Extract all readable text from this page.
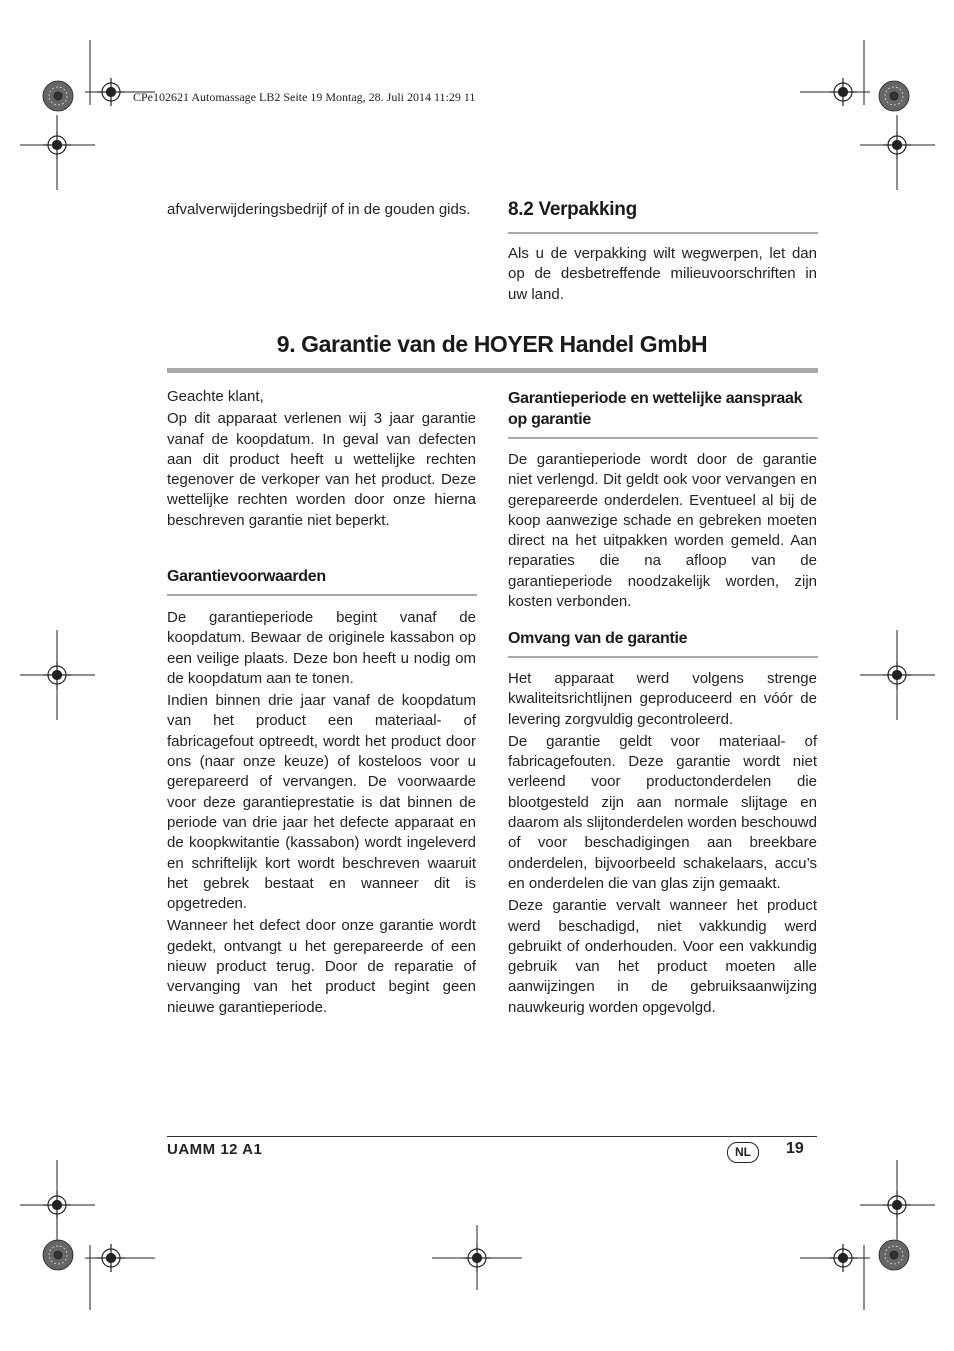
CPe102621 Automassage LB2 Seite 19 Montag, 28. Juli 2014 11:29 11

afvalverwijderingsbedrijf of in de gouden gids. 8.2 Verpakking

Als u de verpakking wilt wegwerpen, let dan op de desbetreffende milieuvoorschriften in uw land.

9. Garantie van de HOYER Handel GmbH

Geachte klant,

Op dit apparaat verlenen wij 3 jaar garantie vanaf de koopdatum. In geval van defecten aan dit product heeft u wettelijke rechten tegenover de verkoper van het product. Deze wettelijke rechten worden door onze hierna beschreven garantie niet beperkt.

Garantievoorwaarden

De garantieperiode begint vanaf de koopdatum. Bewaar de originele kassabon op een veilige plaats. Deze bon heeft u nodig om de koopdatum aan te tonen.

Indien binnen drie jaar vanaf de koopdatum van het product een materiaal- of fabricagefout optreedt, wordt het product door ons (naar onze keuze) of kosteloos voor u gerepareerd of vervangen. De voorwaarde voor deze garantieprestatie is dat binnen de periode van drie jaar het defecte apparaat en de koopkwitantie (kassabon) wordt ingeleverd en schriftelijk kort wordt beschreven waaruit het gebrek bestaat en wanneer dit is opgetreden.

Wanneer het defect door onze garantie wordt gedekt, ontvangt u het gerepareerde of een nieuw product terug. Door de reparatie of vervanging van het product begint geen nieuwe garantieperiode.

Garantieperiode en wettelijke aanspraak op garantie

De garantieperiode wordt door de garantie niet verlengd. Dit geldt ook voor vervangen en gerepareerde onderdelen. Eventueel al bij de koop aanwezige schade en gebreken moeten direct na het uitpakken worden gemeld. Aan reparaties die na afloop van de garantieperiode noodzakelijk worden, zijn kosten verbonden.

Omvang van de garantie

Het apparaat werd volgens strenge kwaliteitsrichtlijnen geproduceerd en vóór de levering zorgvuldig gecontroleerd.

De garantie geldt voor materiaal- of fabricagefouten. Deze garantie wordt niet verleend voor productonderdelen die blootgesteld zijn aan normale slijtage en daarom als slijtonderdelen worden beschouwd of voor beschadigingen aan breekbare onderdelen, bijvoorbeeld schakelaars, accu’s en onderdelen die van glas zijn gemaakt.

Deze garantie vervalt wanneer het product werd beschadigd, niet vakkundig werd gebruikt of onderhouden. Voor een vakkundig gebruik van het product moeten alle aanwijzingen in de gebruiksaanwijzing nauwkeurig worden opgevolgd.

UAMM 12 A1	NL	19
